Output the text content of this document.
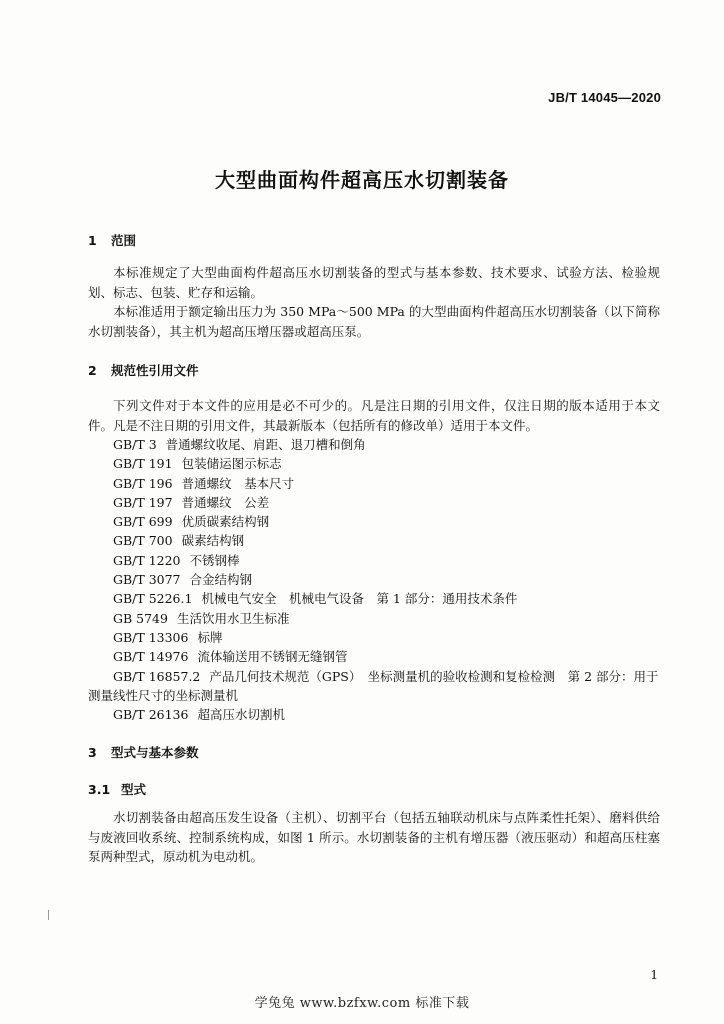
JB/T 14045—2020
大型曲面构件超高压水切割装备
1 范围

本标准规定了大型曲面构件超高压水切割装备的型式与基本参数、技术要求、试验方法、检验规划、标志、包装、贮存和运输。

本标准适用于额定输出压力为 350 MPa～500 MPa 的大型曲面构件超高压水切割装备（以下简称水切割装备），其主机为超高压增压器或超高压泵。

2 规范性引用文件

下列文件对于本文件的应用是必不可少的。凡是注日期的引用文件，仅注日期的版本适用于本文件。凡是不注日期的引用文件，其最新版本（包括所有的修改单）适用于本文件。

GB/T 3 普通螺纹收尾、肩距、退刀槽和倒角
GB/T 191 包装储运图示标志
GB/T 196 普通螺纹　基本尺寸
GB/T 197 普通螺纹　公差
GB/T 699 优质碳素结构钢
GB/T 700 碳素结构钢
GB/T 1220 不锈钢棒
GB/T 3077 合金结构钢
GB/T 5226.1 机械电气安全　机械电气设备　第 1 部分：通用技术条件
GB 5749 生活饮用水卫生标准
GB/T 13306 标牌
GB/T 14976 流体输送用不锈钢无缝钢管
GB/T 16857.2 产品几何技术规范（GPS）　坐标测量机的验收检测和复检检测　第 2 部分：用于测量线性尺寸的坐标测量机
GB/T 26136 超高压水切割机
3 型式与基本参数
3.1 型式

水切割装备由超高压发生设备（主机）、切割平台（包括五轴联动机床与点阵柔性托架）、磨料供给与废液回收系统、控制系统构成，如图 1 所示。水切割装备的主机有增压器（液压驱动）和超高压柱塞泵两种型式，原动机为电动机。

1
学兔兔 www.bzfxw.com 标准下载
